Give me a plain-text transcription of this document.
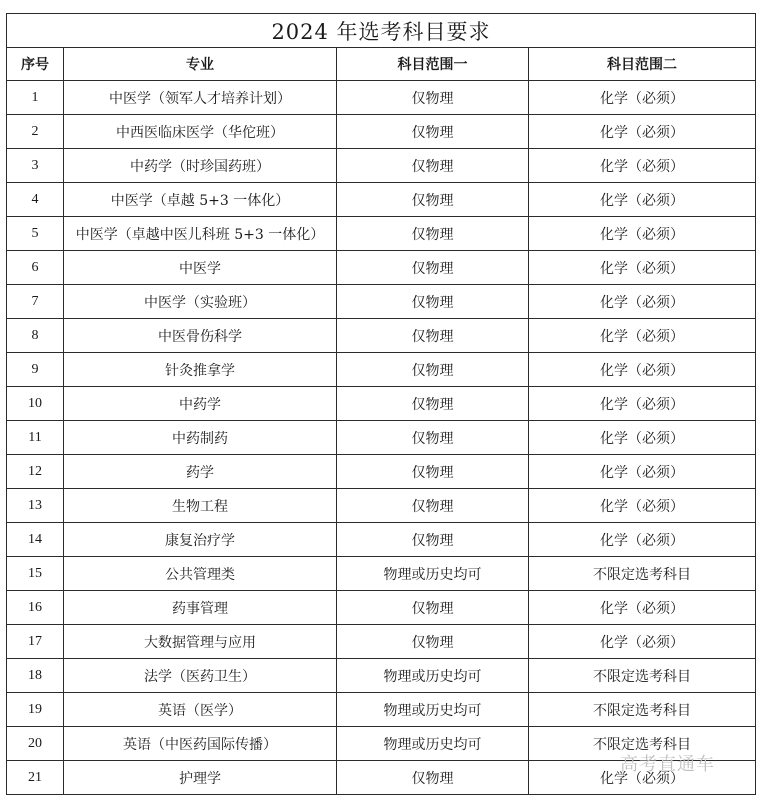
2024 年选考科目要求			
序号	专业	科目范围一	科目范围二
1	中医学（领军人才培养计划）	仅物理	化学（必须）
2	中西医临床医学（华佗班）	仅物理	化学（必须）
3	中药学（时珍国药班）	仅物理	化学（必须）
4	中医学（卓越 5+3 一体化）	仅物理	化学（必须）
5	中医学（卓越中医儿科班 5+3 一体化）	仅物理	化学（必须）
6	中医学	仅物理	化学（必须）
7	中医学（实验班）	仅物理	化学（必须）
8	中医骨伤科学	仅物理	化学（必须）
9	针灸推拿学	仅物理	化学（必须）
10	中药学	仅物理	化学（必须）
11	中药制药	仅物理	化学（必须）
12	药学	仅物理	化学（必须）
13	生物工程	仅物理	化学（必须）
14	康复治疗学	仅物理	化学（必须）
15	公共管理类	物理或历史均可	不限定选考科目
16	药事管理	仅物理	化学（必须）
17	大数据管理与应用	仅物理	化学（必须）
18	法学（医药卫生）	物理或历史均可	不限定选考科目
19	英语（医学）	物理或历史均可	不限定选考科目
20	英语（中医药国际传播）	物理或历史均可	不限定选考科目
21	护理学	仅物理	化学（必须）
高考直通车
